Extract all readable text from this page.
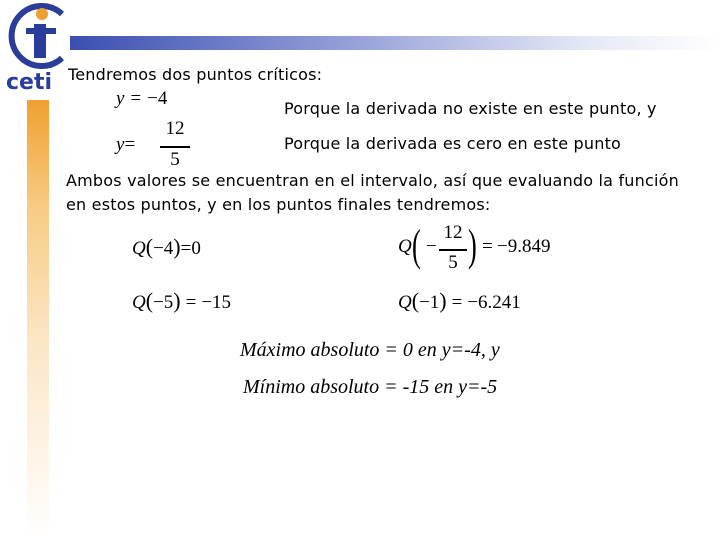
ceti Tendremos dos puntos críticos:
y = −4	Porque la derivada no existe en este punto, y
y=
12
5
Porque la derivada es cero en este punto
Ambos valores se encuentran en el intervalo, así que evaluando la función
en estos puntos, y en los puntos finales tendremos:
Q(−4)=0
Q(−5) = −15
Q ( −
12
5 ) = −9.849
Q(−1) = −6.241
Máximo absoluto = 0 en y=-4, y
Mínimo absoluto = -15 en y=-5
